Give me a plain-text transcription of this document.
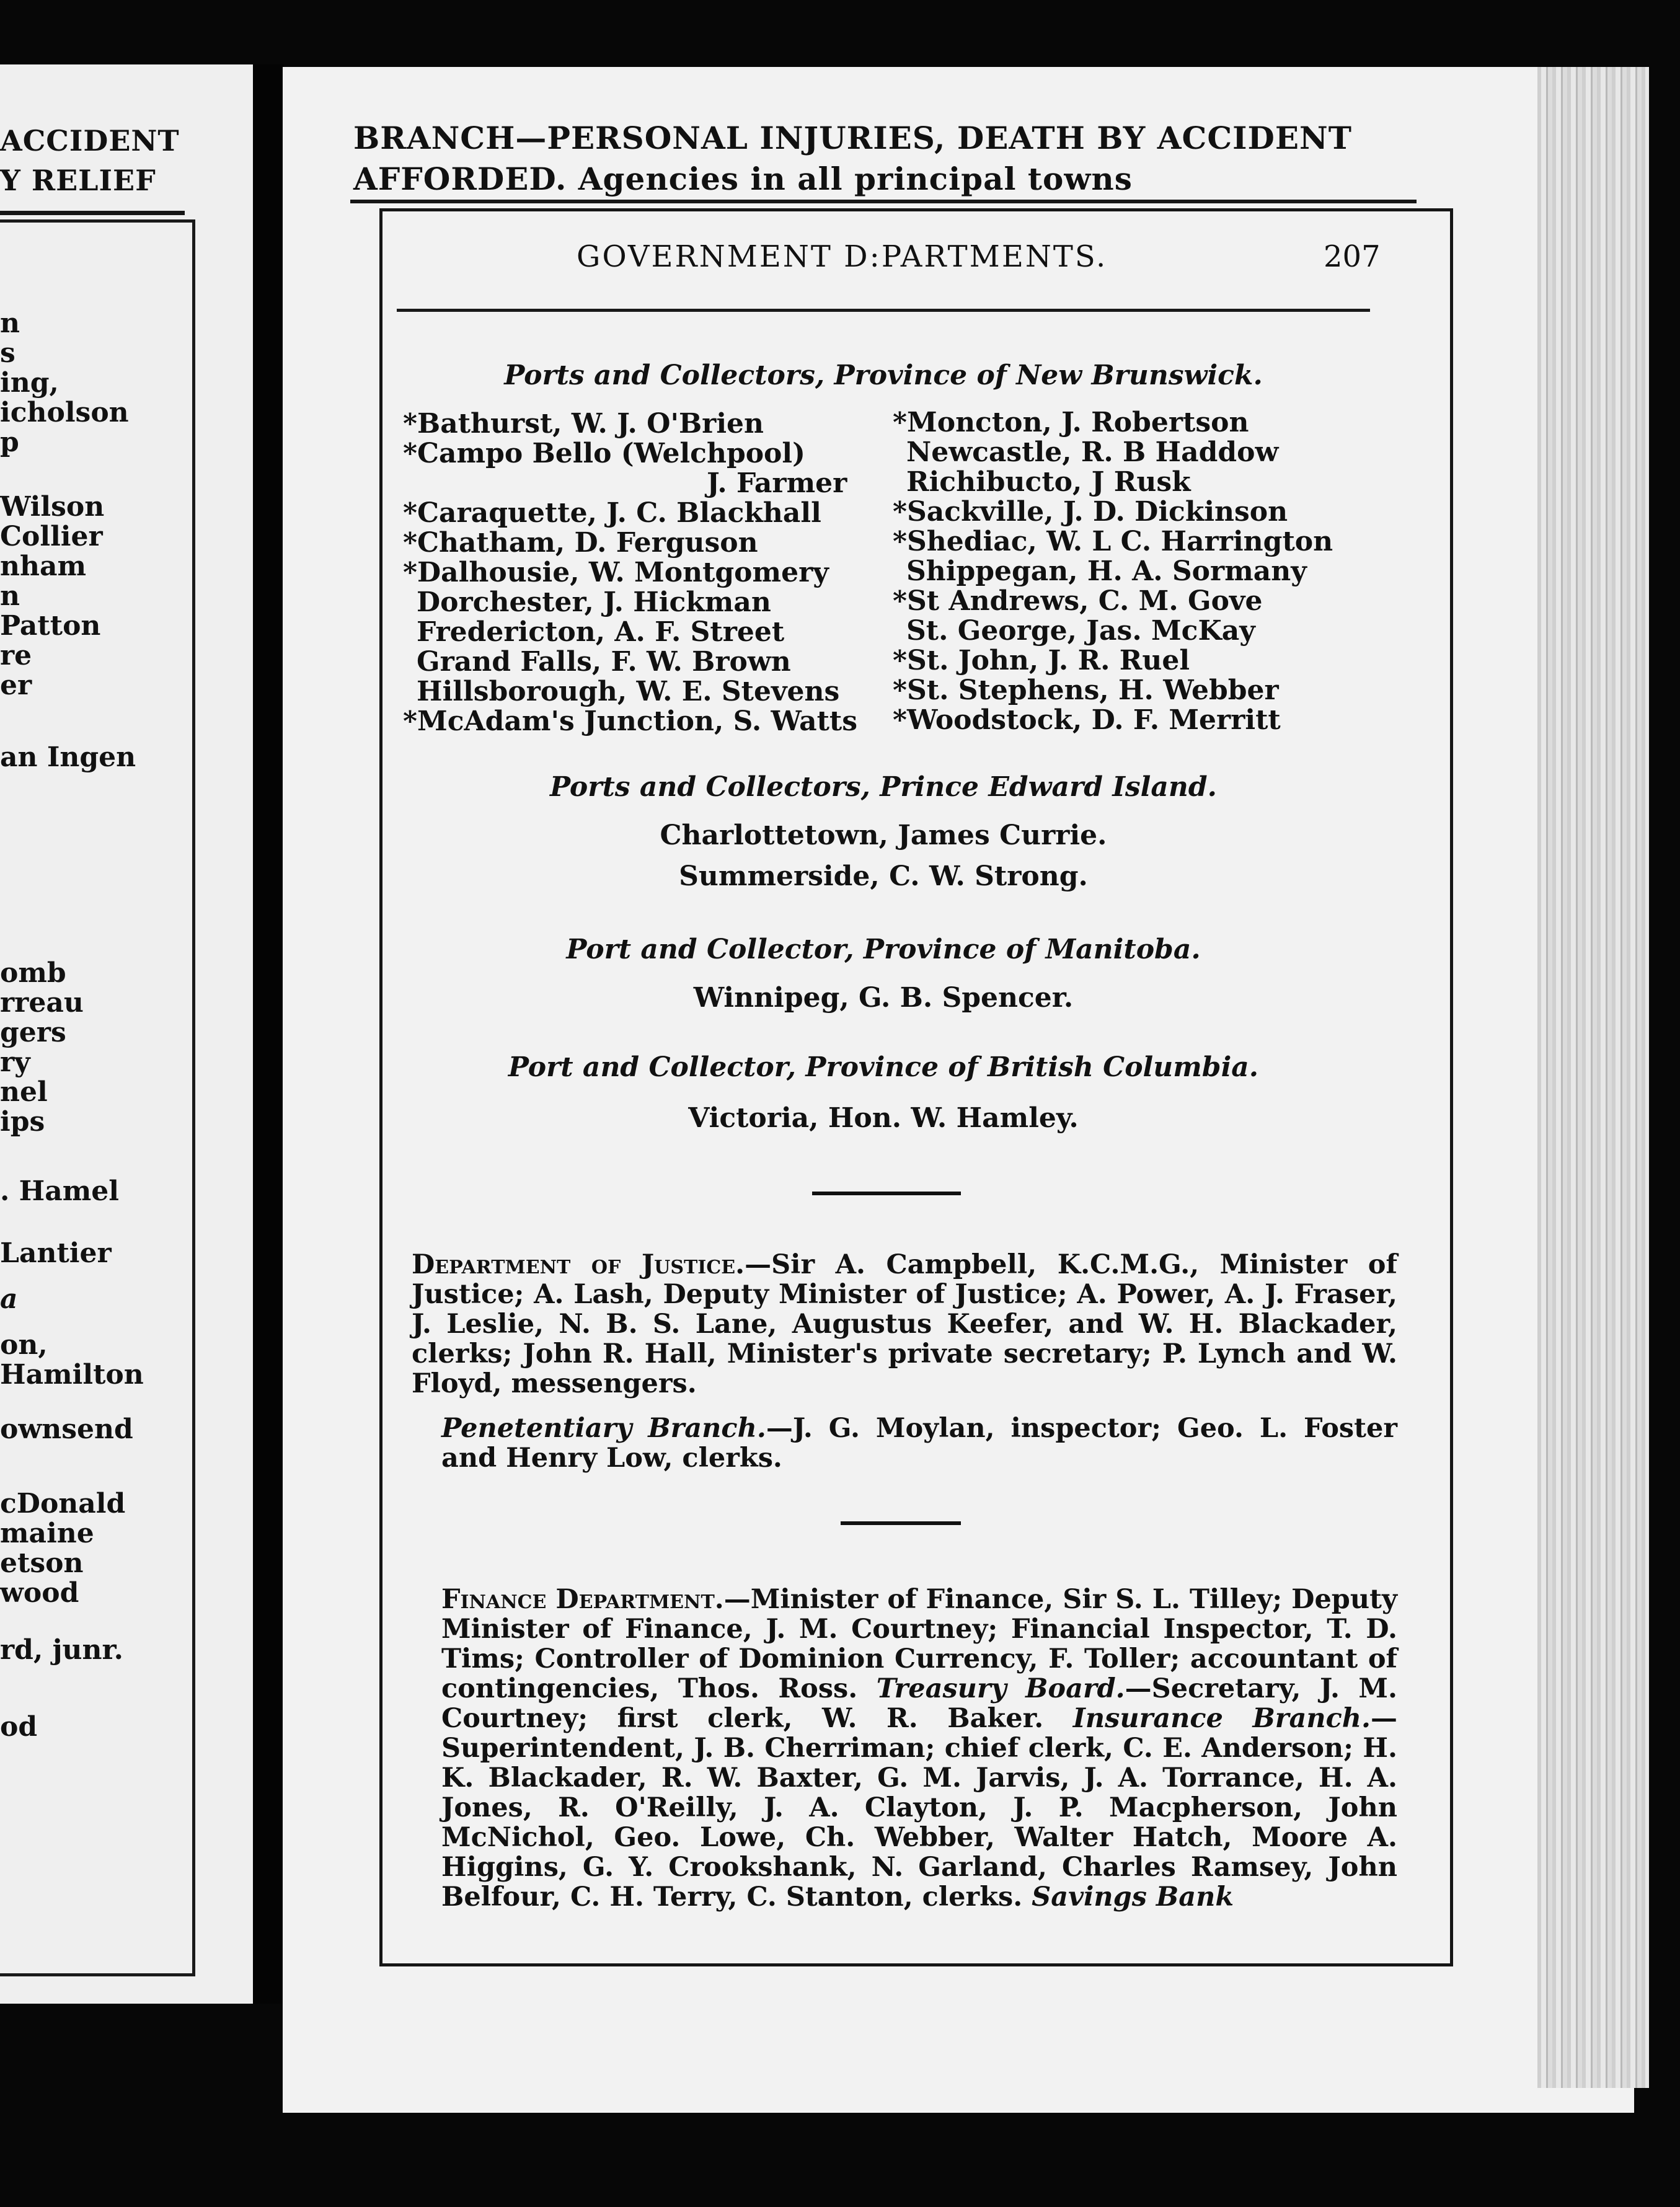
ACCIDENT
Y RELIEF
n
s
ing,
icholson
p
Wilson
Collier
nham
n
Patton
re
er
an Ingen
omb
rreau
gers
ry
nel
ips
. Hamel
Lantier
a
on,
Hamilton
ownsend
cDonald
maine
etson
wood
rd, junr.
od
BRANCH—PERSONAL INJURIES, DEATH BY ACCIDENT
AFFORDED. Agencies in all principal towns
GOVERNMENT D:PARTMENTS.	207
Ports and Collectors, Province of New Brunswick.
*Bathurst, W. J. O'Brien
*Campo Bello (Welchpool)
J. Farmer
*Caraquette, J. C. Blackhall
*Chatham, D. Ferguson
*Dalhousie, W. Montgomery
Dorchester, J. Hickman
Fredericton, A. F. Street
Grand Falls, F. W. Brown
Hillsborough, W. E. Stevens
*McAdam's Junction, S. Watts
*Moncton, J. Robertson
Newcastle, R. B Haddow
Richibucto, J Rusk
*Sackville, J. D. Dickinson
*Shediac, W. L C. Harrington
Shippegan, H. A. Sormany
*St Andrews, C. M. Gove
St. George, Jas. McKay
*St. John, J. R. Ruel
*St. Stephens, H. Webber
*Woodstock, D. F. Merritt
Ports and Collectors, Prince Edward Island.
Charlottetown, James Currie.
Summerside, C. W. Strong.
Port and Collector, Province of Manitoba.
Winnipeg, G. B. Spencer.
Port and Collector, Province of British Columbia.
Victoria, Hon. W. Hamley.
Department of Justice.—Sir A. Campbell, K.C.M.G., Minister of Justice; A. Lash, Deputy Minister of Justice; A. Power, A. J. Fraser, J. Leslie, N. B. S. Lane, Augustus Keefer, and W. H. Blackader, clerks; John R. Hall, Minister's private secretary; P. Lynch and W. Floyd, messengers.
Penetentiary Branch.—J. G. Moylan, inspector; Geo. L. Foster and Henry Low, clerks.
Finance Department.—Minister of Finance, Sir S. L. Tilley; Deputy Minister of Finance, J. M. Courtney; Financial Inspector, T. D. Tims; Controller of Dominion Currency, F. Toller; accountant of contingencies, Thos. Ross. Treasury Board.—Secretary, J. M. Courtney; first clerk, W. R. Baker. Insurance Branch.—Superintendent, J. B. Cherriman; chief clerk, C. E. Anderson; H. K. Blackader, R. W. Baxter, G. M. Jarvis, J. A. Torrance, H. A. Jones, R. O'Reilly, J. A. Clayton, J. P. Macpherson, John McNichol, Geo. Lowe, Ch. Webber, Walter Hatch, Moore A. Higgins, G. Y. Crookshank, N. Garland, Charles Ramsey, John Belfour, C. H. Terry, C. Stanton, clerks. Savings Bank
